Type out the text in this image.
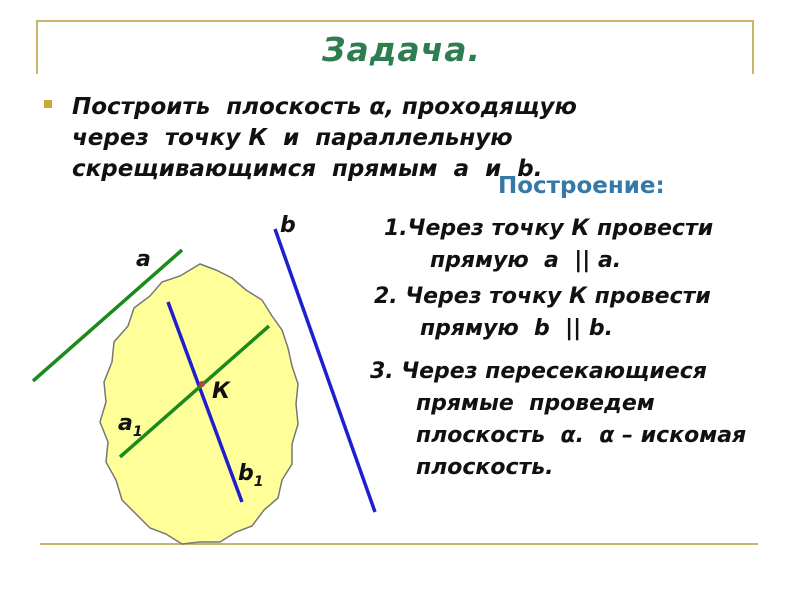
Задача.
Построить  плоскость α, проходящую
через  точку К  и  параллельную
скрещивающимся  прямым  а  и  b.
Построение:
1.Через точку К провести
прямую  a  || a.
2. Через точку К провести
прямую  b  || b.
3. Через пересекающиеся
прямые  проведем
плоскость  α.  α – искомая
плоскость.
a
b
К
$a_1$
$b_1$
